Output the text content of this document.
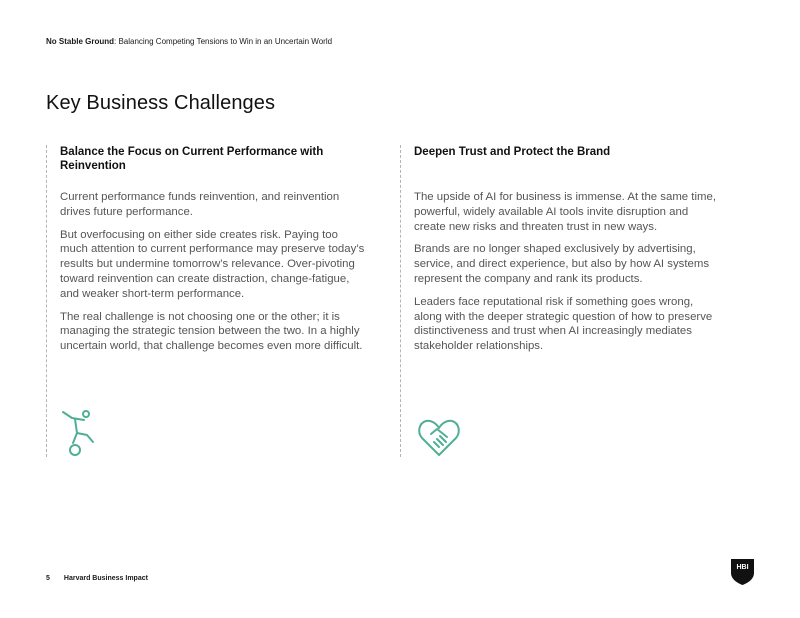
No Stable Ground: Balancing Competing Tensions to Win in an Uncertain World
Key Business Challenges
Balance the Focus on Current Performance with Reinvention

Current performance funds reinvention, and reinvention drives future performance.

But overfocusing on either side creates risk. Paying too much attention to current performance may preserve today’s results but undermine tomorrow’s relevance. Over-pivoting toward reinvention can create distraction, change-fatigue, and weaker short-term performance.

The real challenge is not choosing one or the other; it is managing the strategic tension between the two. In a highly uncertain world, that challenge becomes even more difficult.

Deepen Trust and Protect the Brand

The upside of AI for business is immense. At the same time, powerful, widely available AI tools invite disruption and create new risks and threaten trust in new ways.

Brands are no longer shaped exclusively by advertising, service, and direct experience, but also by how AI systems represent the company and rank its products.

Leaders face reputational risk if something goes wrong, along with the deeper strategic question of how to preserve distinctiveness and trust when AI increasingly mediates stakeholder relationships.

5 Harvard Business Impact
HBI
